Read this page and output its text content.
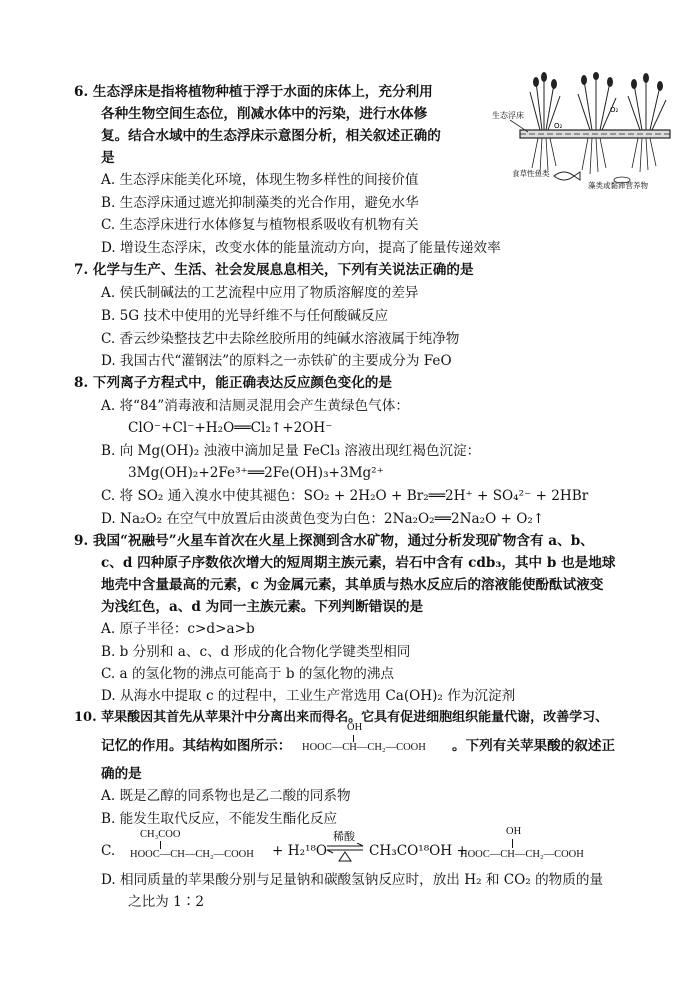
6. 生态浮床是指将植物种植于浮于水面的床体上，充分利用
各种生物空间生态位，削减水体中的污染，进行水体修
复。结合水域中的生态浮床示意图分析，相关叙述正确的
是
A. 生态浮床能美化环境，体现生物多样性的间接价值
B. 生态浮床通过遮光抑制藻类的光合作用，避免水华
C. 生态浮床进行水体修复与植物根系吸收有机物有关
D. 增设生态浮床，改变水体的能量流动方向，提高了能量传递效率
生态浮床
O₂
O₂
食草性鱼类
藻类或黏滞营养物
7. 化学与生产、生活、社会发展息息相关，下列有关说法正确的是
A. 侯氏制碱法的工艺流程中应用了物质溶解度的差异
B. 5G 技术中使用的光导纤维不与任何酸碱反应
C. 香云纱染整技艺中去除丝胶所用的纯碱水溶液属于纯净物
D. 我国古代“灌钢法”的原料之一赤铁矿的主要成分为 FeO
8. 下列离子方程式中，能正确表达反应颜色变化的是
A. 将“84”消毒液和洁厕灵混用会产生黄绿色气体：
ClO⁻+Cl⁻+H₂O══Cl₂↑+2OH⁻
B. 向 Mg(OH)₂ 浊液中滴加足量 FeCl₃ 溶液出现红褐色沉淀：
3Mg(OH)₂+2Fe³⁺══2Fe(OH)₃+3Mg²⁺
C. 将 SO₂ 通入溴水中使其褪色：SO₂ + 2H₂O + Br₂══2H⁺ + SO₄²⁻ + 2HBr
D. Na₂O₂ 在空气中放置后由淡黄色变为白色：2Na₂O₂══2Na₂O + O₂↑
9. 我国“祝融号”火星车首次在火星上探测到含水矿物，通过分析发现矿物含有 a、b、
c、d 四种原子序数依次增大的短周期主族元素，岩石中含有 cdb₃，其中 b 也是地球
地壳中含量最高的元素，c 为金属元素，其单质与热水反应后的溶液能使酚酞试液变
为浅红色，a、d 为同一主族元素。下列判断错误的是
A. 原子半径：c>d>a>b
B. b 分别和 a、c、d 形成的化合物化学键类型相同
C. a 的氢化物的沸点可能高于 b 的氢化物的沸点
D. 从海水中提取 c 的过程中，工业生产常选用 Ca(OH)₂ 作为沉淀剂
10. 苹果酸因其首先从苹果汁中分离出来而得名。它具有促进细胞组织能量代谢，改善学习、
记忆的作用。其结构如图所示：
OH
HOOC—CH—CH₂—COOH 。下列有关苹果酸的叙述正
确的是
A. 既是乙醇的同系物也是乙二酸的同系物
B. 能发生取代反应，不能发生酯化反应
C.
CH₃COO
HOOC—CH—CH₂—COOH + H₂¹⁸O
稀酸
⇌ CH₃CO¹⁸OH +
OH
HOOC—CH—CH₂—COOH
D. 相同质量的苹果酸分别与足量钠和碳酸氢钠反应时，放出 H₂ 和 CO₂ 的物质的量
之比为 1∶2
